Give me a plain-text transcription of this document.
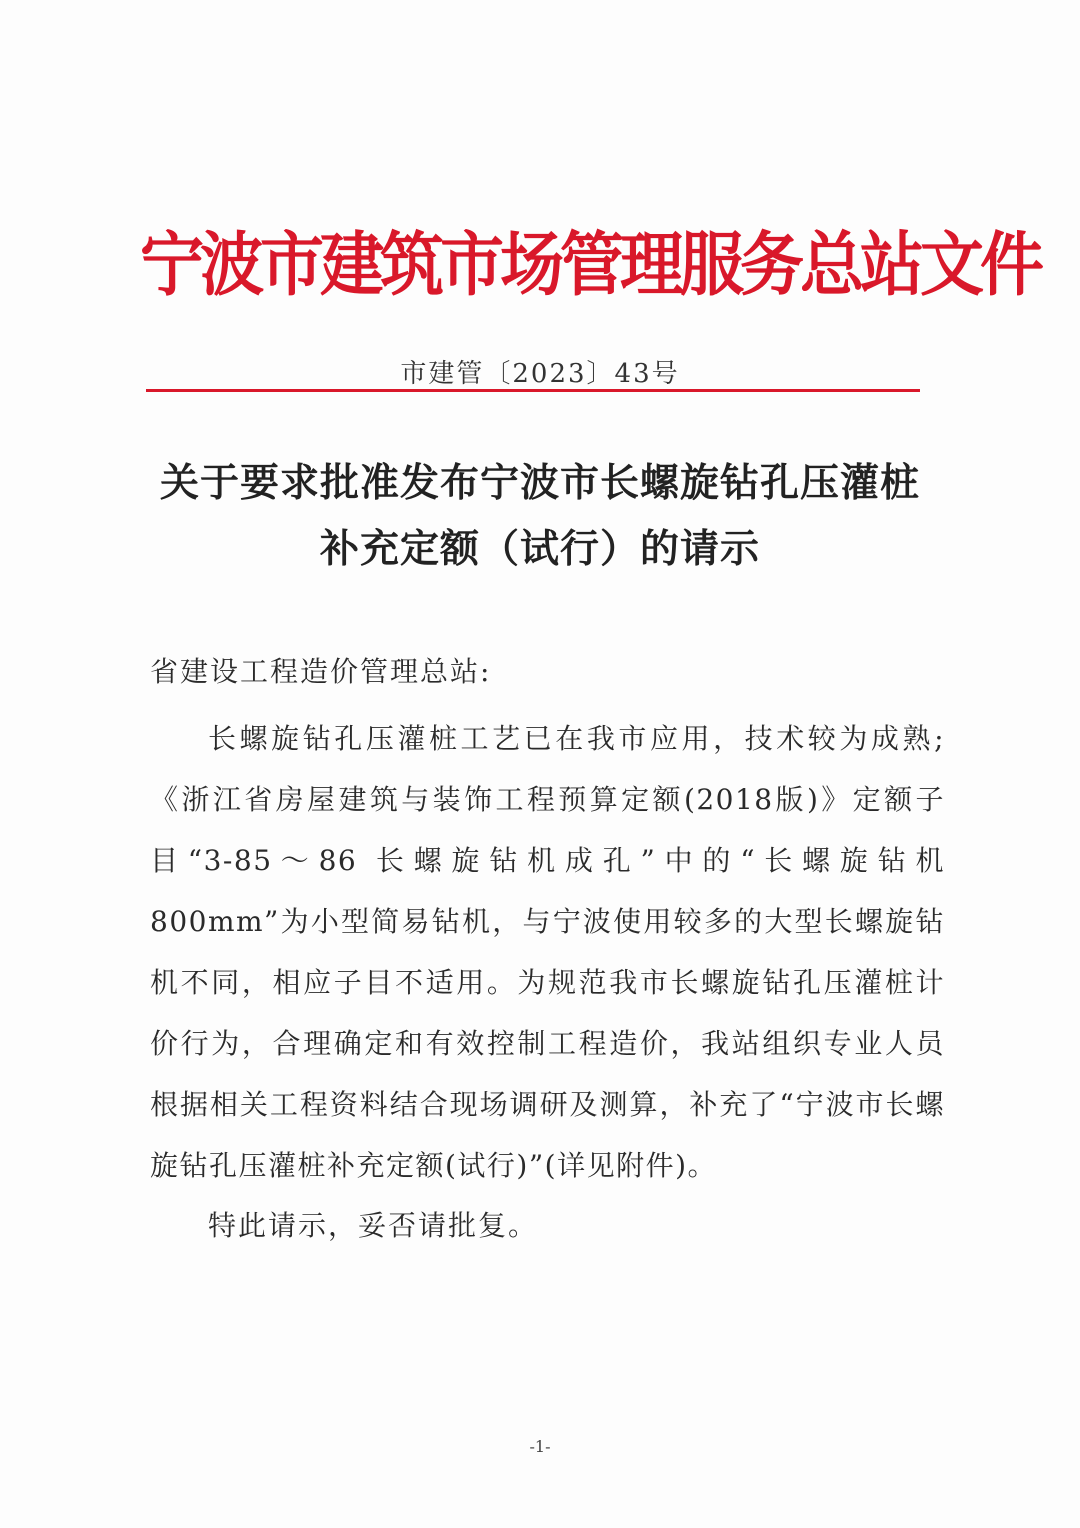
宁波市建筑市场管理服务总站文件
市建管〔2023〕43号
关于要求批准发布宁波市长螺旋钻孔压灌桩
补充定额（试行）的请示
省建设工程造价管理总站:
长螺旋钻孔压灌桩工艺已在我市应用，技术较为成熟;《浙江省房屋建筑与装饰工程预算定额(2018版)》定额子目“3-85～86 长螺旋钻机成孔”中的“长螺旋钻机 800mm”为小型简易钻机，与宁波使用较多的大型长螺旋钻机不同，相应子目不适用。为规范我市长螺旋钻孔压灌桩计价行为，合理确定和有效控制工程造价，我站组织专业人员根据相关工程资料结合现场调研及测算，补充了“宁波市长螺旋钻孔压灌桩补充定额(试行)”(详见附件)。
特此请示，妥否请批复。
-1-
